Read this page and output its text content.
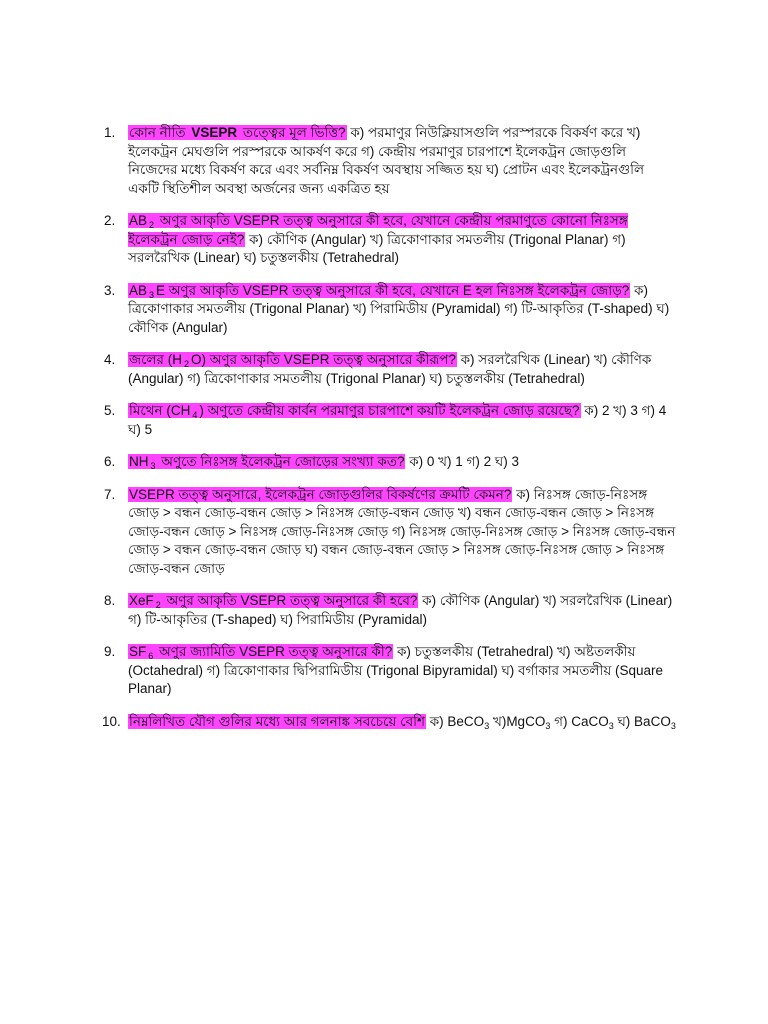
1.	কোন নীতি VSEPR তত্ত্বের মূল ভিত্তি? ক) পরমাণুর নিউক্লিয়াসগুলি পরস্পরকে বিকর্ষণ করে খ) ইলেকট্রন মেঘগুলি পরস্পরকে আকর্ষণ করে গ) কেন্দ্রীয় পরমাণুর চারপাশে ইলেকট্রন জোড়গুলি নিজেদের মধ্যে বিকর্ষণ করে এবং সর্বনিম্ন বিকর্ষণ অবস্থায় সজ্জিত হয় ঘ) প্রোটন এবং ইলেকট্রনগুলি একটি স্থিতিশীল অবস্থা অর্জনের জন্য একত্রিত হয়
2.	AB $_2$ অণুর আকৃতি VSEPR তত্ত্ব অনুসারে কী হবে, যেখানে কেন্দ্রীয় পরমাণুতে কোনো নিঃসঙ্গ ইলেকট্রন জোড় নেই? ক) কৌণিক (Angular) খ) ত্রিকোণাকার সমতলীয় (Trigonal Planar) গ) সরলরৈখিক (Linear) ঘ) চতুস্তলকীয় (Tetrahedral)
3.	AB $_3$ E অণুর আকৃতি VSEPR তত্ত্ব অনুসারে কী হবে, যেখানে E হল নিঃসঙ্গ ইলেকট্রন জোড়? ক) ত্রিকোণাকার সমতলীয় (Trigonal Planar) খ) পিরামিডীয় (Pyramidal) গ) টি-আকৃতির (T-shaped) ঘ) কৌণিক (Angular)
4.	জলের (H $_2$ O) অণুর আকৃতি VSEPR তত্ত্ব অনুসারে কীরূপ? ক) সরলরৈখিক (Linear) খ) কৌণিক (Angular) গ) ত্রিকোণাকার সমতলীয় (Trigonal Planar) ঘ) চতুস্তলকীয় (Tetrahedral)
5.	মিথেন (CH $_4$ ) অণুতে কেন্দ্রীয় কার্বন পরমাণুর চারপাশে কয়টি ইলেকট্রন জোড় রয়েছে? ক) 2 খ) 3 গ) 4 ঘ) 5
6.	NH $_3$ অণুতে নিঃসঙ্গ ইলেকট্রন জোড়ের সংখ্যা কত? ক) 0 খ) 1 গ) 2 ঘ) 3
7.	VSEPR তত্ত্ব অনুসারে, ইলেকট্রন জোড়গুলির বিকর্ষণের ক্রমটি কেমন? ক) নিঃসঙ্গ জোড়-নিঃসঙ্গ জোড় > বন্ধন জোড়-বন্ধন জোড় > নিঃসঙ্গ জোড়-বন্ধন জোড় খ) বন্ধন জোড়-বন্ধন জোড় > নিঃসঙ্গ জোড়-বন্ধন জোড় > নিঃসঙ্গ জোড়-নিঃসঙ্গ জোড় গ) নিঃসঙ্গ জোড়-নিঃসঙ্গ জোড় > নিঃসঙ্গ জোড়-বন্ধন জোড় > বন্ধন জোড়-বন্ধন জোড় ঘ) বন্ধন জোড়-বন্ধন জোড় > নিঃসঙ্গ জোড়-নিঃসঙ্গ জোড় > নিঃসঙ্গ জোড়-বন্ধন জোড়
8.	XeF $_2$ অণুর আকৃতি VSEPR তত্ত্ব অনুসারে কী হবে? ক) কৌণিক (Angular) খ) সরলরৈখিক (Linear) গ) টি-আকৃতির (T-shaped) ঘ) পিরামিডীয় (Pyramidal)
9.	SF $_6$ অণুর জ্যামিতি VSEPR তত্ত্ব অনুসারে কী? ক) চতুস্তলকীয় (Tetrahedral) খ) অষ্টতলকীয় (Octahedral) গ) ত্রিকোণাকার দ্বিপিরামিডীয় (Trigonal Bipyramidal) ঘ) বর্গাকার সমতলীয় (Square Planar)
10. নিম্নলিখিত যৌগ গুলির মধ্যে আর গলনাঙ্ক সবচেয়ে বেশি ক) BeCO$_3$ খ)MgCO$_3$ গ) CaCO$_3$ ঘ) BaCO$_3$
